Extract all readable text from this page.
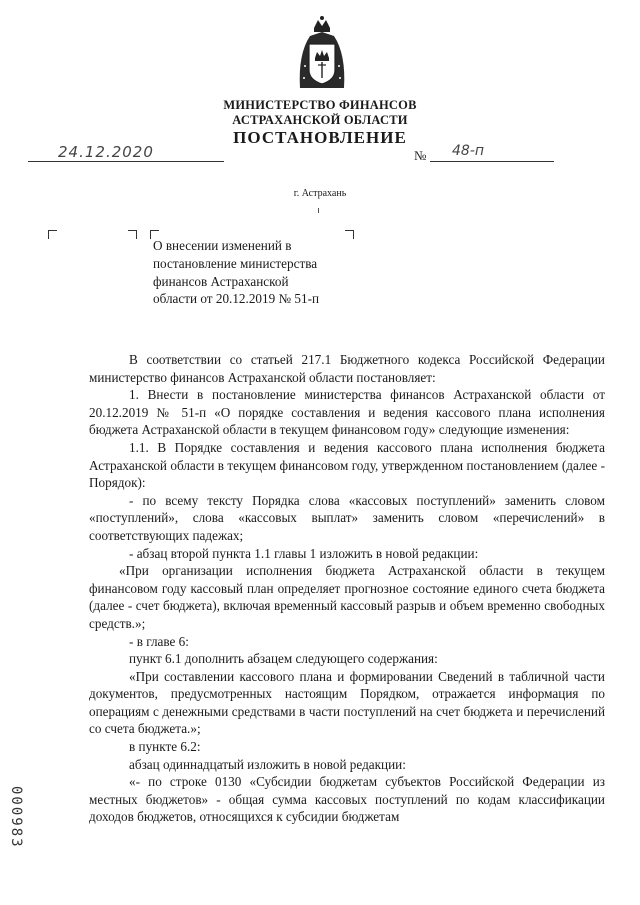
МИНИСТЕРСТВО ФИНАНСОВ
АСТРАХАНСКОЙ ОБЛАСТИ
ПОСТАНОВЛЕНИЕ
24.12.2020	№ 48-п
г. Астрахань
О внесении изменений в
постановление министерства
финансов Астраханской
области от 20.12.2019 № 51-п

В соответствии со статьей 217.1 Бюджетного кодекса Российской Федерации министерство финансов Астраханской области постановляет:

1. Внести в постановление министерства финансов Астраханской области от 20.12.2019 № 51-п «О порядке составления и ведения кассового плана исполнения бюджета Астраханской области в текущем финансовом году» следующие изменения:

1.1. В Порядке составления и ведения кассового плана исполнения бюджета Астраханской области в текущем финансовом году, утвержденном постановлением (далее - Порядок):

- по всему тексту Порядка слова «кассовых поступлений» заменить словом «поступлений», слова «кассовых выплат» заменить словом «перечислений» в соответствующих падежах;

- абзац второй пункта 1.1 главы 1 изложить в новой редакции:

«При организации исполнения бюджета Астраханской области в текущем финансовом году кассовый план определяет прогнозное состояние единого счета бюджета (далее - счет бюджета), включая временный кассовый разрыв и объем временно свободных средств.»;

- в главе 6:

пункт 6.1 дополнить абзацем следующего содержания:

«При составлении кассового плана и формировании Сведений в табличной части документов, предусмотренных настоящим Порядком, отражается информация по операциям с денежными средствами в части поступлений на счет бюджета и перечислений со счета бюджета.»;

в пункте 6.2:

абзац одиннадцатый изложить в новой редакции:

«- по строке 0130 «Субсидии бюджетам субъектов Российской Федерации из местных бюджетов» - общая сумма кассовых поступлений по кодам классификации доходов бюджетов, относящихся к субсидии бюджетам

000983
